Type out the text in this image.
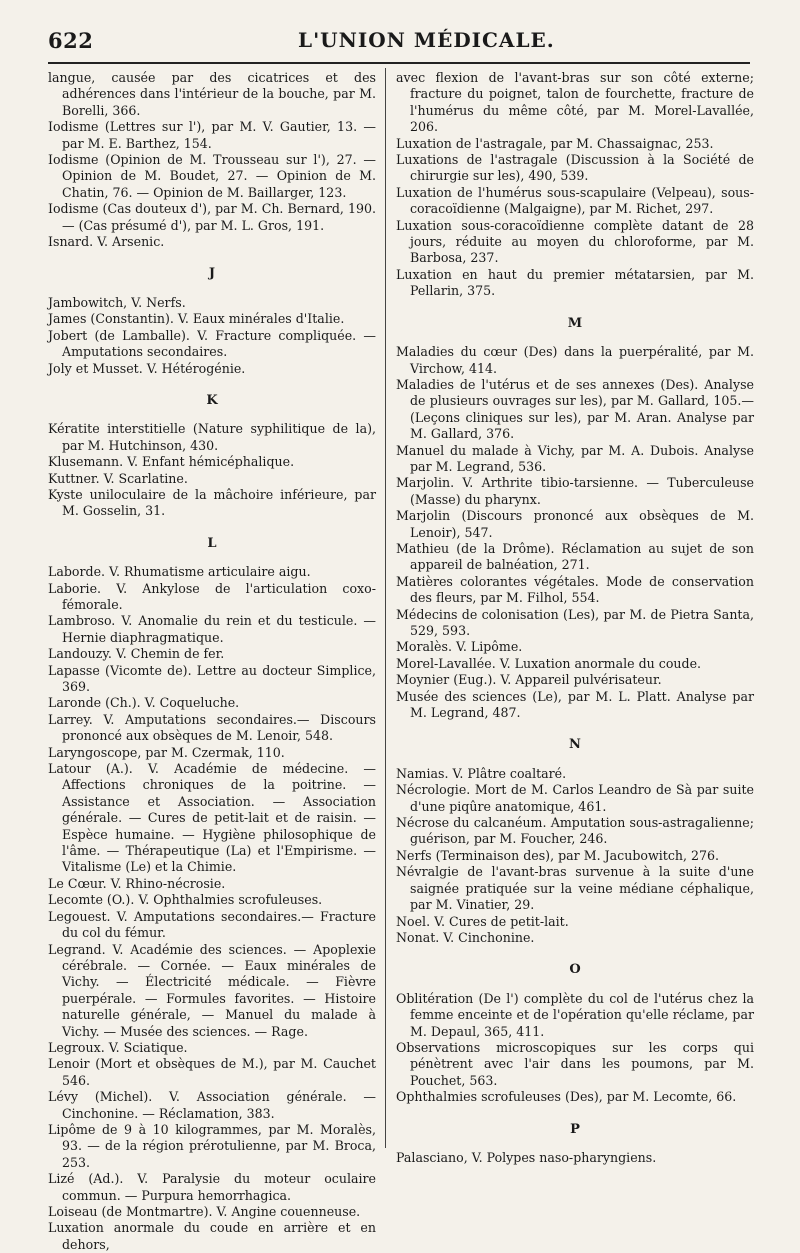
622	L'UNION MÉDICALE.

langue, causée par des cicatrices et des adhérences dans l'intérieur de la bouche, par M. Borelli, 366.

Iodisme (Lettres sur l'), par M. V. Gautier, 13. — par M. E. Barthez, 154.

Iodisme (Opinion de M. Trousseau sur l'), 27. — Opinion de M. Boudet, 27. — Opinion de M. Chatin, 76. — Opinion de M. Baillarger, 123.

Iodisme (Cas douteux d'), par M. Ch. Bernard, 190. — (Cas présumé d'), par M. L. Gros, 191.

Isnard. V. Arsenic.

J

Jambowitch, V. Nerfs.

James (Constantin). V. Eaux minérales d'Italie.

Jobert (de Lamballe). V. Fracture compliquée. — Amputations secondaires.

Joly et Musset. V. Hétérogénie.

K

Kératite interstitielle (Nature syphilitique de la), par M. Hutchinson, 430.

Klusemann. V. Enfant hémicéphalique.

Kuttner. V. Scarlatine.

Kyste uniloculaire de la mâchoire inférieure, par M. Gosselin, 31.

L

Laborde. V. Rhumatisme articulaire aigu.

Laborie. V. Ankylose de l'articulation coxo-fémorale.

Lambroso. V. Anomalie du rein et du testicule. — Hernie diaphragmatique.

Landouzy. V. Chemin de fer.

Lapasse (Vicomte de). Lettre au docteur Simplice, 369.

Laronde (Ch.). V. Coqueluche.

Larrey. V. Amputations secondaires.— Discours prononcé aux obsèques de M. Lenoir, 548.

Laryngoscope, par M. Czermak, 110.

Latour (A.). V. Académie de médecine. — Affections chroniques de la poitrine. — Assistance et Association. — Association générale. — Cures de petit-lait et de raisin. — Espèce humaine. — Hygiène philosophique de l'âme. — Thérapeutique (La) et l'Empirisme. — Vitalisme (Le) et la Chimie.

Le Cœur. V. Rhino-nécrosie.

Lecomte (O.). V. Ophthalmies scrofuleuses.

Legouest. V. Amputations secondaires.— Fracture du col du fémur.

Legrand. V. Académie des sciences. — Apoplexie cérébrale. — Cornée. — Eaux minérales de Vichy. — Électricité médicale. — Fièvre puerpérale. — Formules favorites. — Histoire naturelle générale, — Manuel du malade à Vichy. — Musée des sciences. — Rage.

Legroux. V. Sciatique.

Lenoir (Mort et obsèques de M.), par M. Cauchet 546.

Lévy (Michel). V. Association générale. — Cinchonine. — Réclamation, 383.

Lipôme de 9 à 10 kilogrammes, par M. Moralès, 93. — de la région prérotulienne, par M. Broca, 253.

Lizé (Ad.). V. Paralysie du moteur oculaire commun. — Purpura hemorrhagica.

Loiseau (de Montmartre). V. Angine couenneuse.

Luxation anormale du coude en arrière et en dehors,

avec flexion de l'avant-bras sur son côté externe; fracture du poignet, talon de fourchette, fracture de l'humérus du même côté, par M. Morel-Lavallée, 206.

Luxation de l'astragale, par M. Chassaignac, 253.

Luxations de l'astragale (Discussion à la Société de chirurgie sur les), 490, 539.

Luxation de l'humérus sous-scapulaire (Velpeau), sous-coracoïdienne (Malgaigne), par M. Richet, 297.

Luxation sous-coracoïdienne complète datant de 28 jours, réduite au moyen du chloroforme, par M. Barbosa, 237.

Luxation en haut du premier métatarsien, par M. Pellarin, 375.

M

Maladies du cœur (Des) dans la puerpéralité, par M. Virchow, 414.

Maladies de l'utérus et de ses annexes (Des). Analyse de plusieurs ouvrages sur les), par M. Gallard, 105.—(Leçons cliniques sur les), par M. Aran. Analyse par M. Gallard, 376.

Manuel du malade à Vichy, par M. A. Dubois. Analyse par M. Legrand, 536.

Marjolin. V. Arthrite tibio-tarsienne. — Tuberculeuse (Masse) du pharynx.

Marjolin (Discours prononcé aux obsèques de M. Lenoir), 547.

Mathieu (de la Drôme). Réclamation au sujet de son appareil de balnéation, 271.

Matières colorantes végétales. Mode de conservation des fleurs, par M. Filhol, 554.

Médecins de colonisation (Les), par M. de Pietra Santa, 529, 593.

Moralès. V. Lipôme.

Morel-Lavallée. V. Luxation anormale du coude.

Moynier (Eug.). V. Appareil pulvérisateur.

Musée des sciences (Le), par M. L. Platt. Analyse par M. Legrand, 487.

N

Namias. V. Plâtre coaltaré.

Nécrologie. Mort de M. Carlos Leandro de Sà par suite d'une piqûre anatomique, 461.

Nécrose du calcanéum. Amputation sous-astragalienne; guérison, par M. Foucher, 246.

Nerfs (Terminaison des), par M. Jacubowitch, 276.

Névralgie de l'avant-bras survenue à la suite d'une saignée pratiquée sur la veine médiane céphalique, par M. Vinatier, 29.

Noel. V. Cures de petit-lait.

Nonat. V. Cinchonine.

O

Oblitération (De l') complète du col de l'utérus chez la femme enceinte et de l'opération qu'elle réclame, par M. Depaul, 365, 411.

Observations microscopiques sur les corps qui pénètrent avec l'air dans les poumons, par M. Pouchet, 563.

Ophthalmies scrofuleuses (Des), par M. Lecomte, 66.

P

Palasciano, V. Polypes naso-pharyngiens.
